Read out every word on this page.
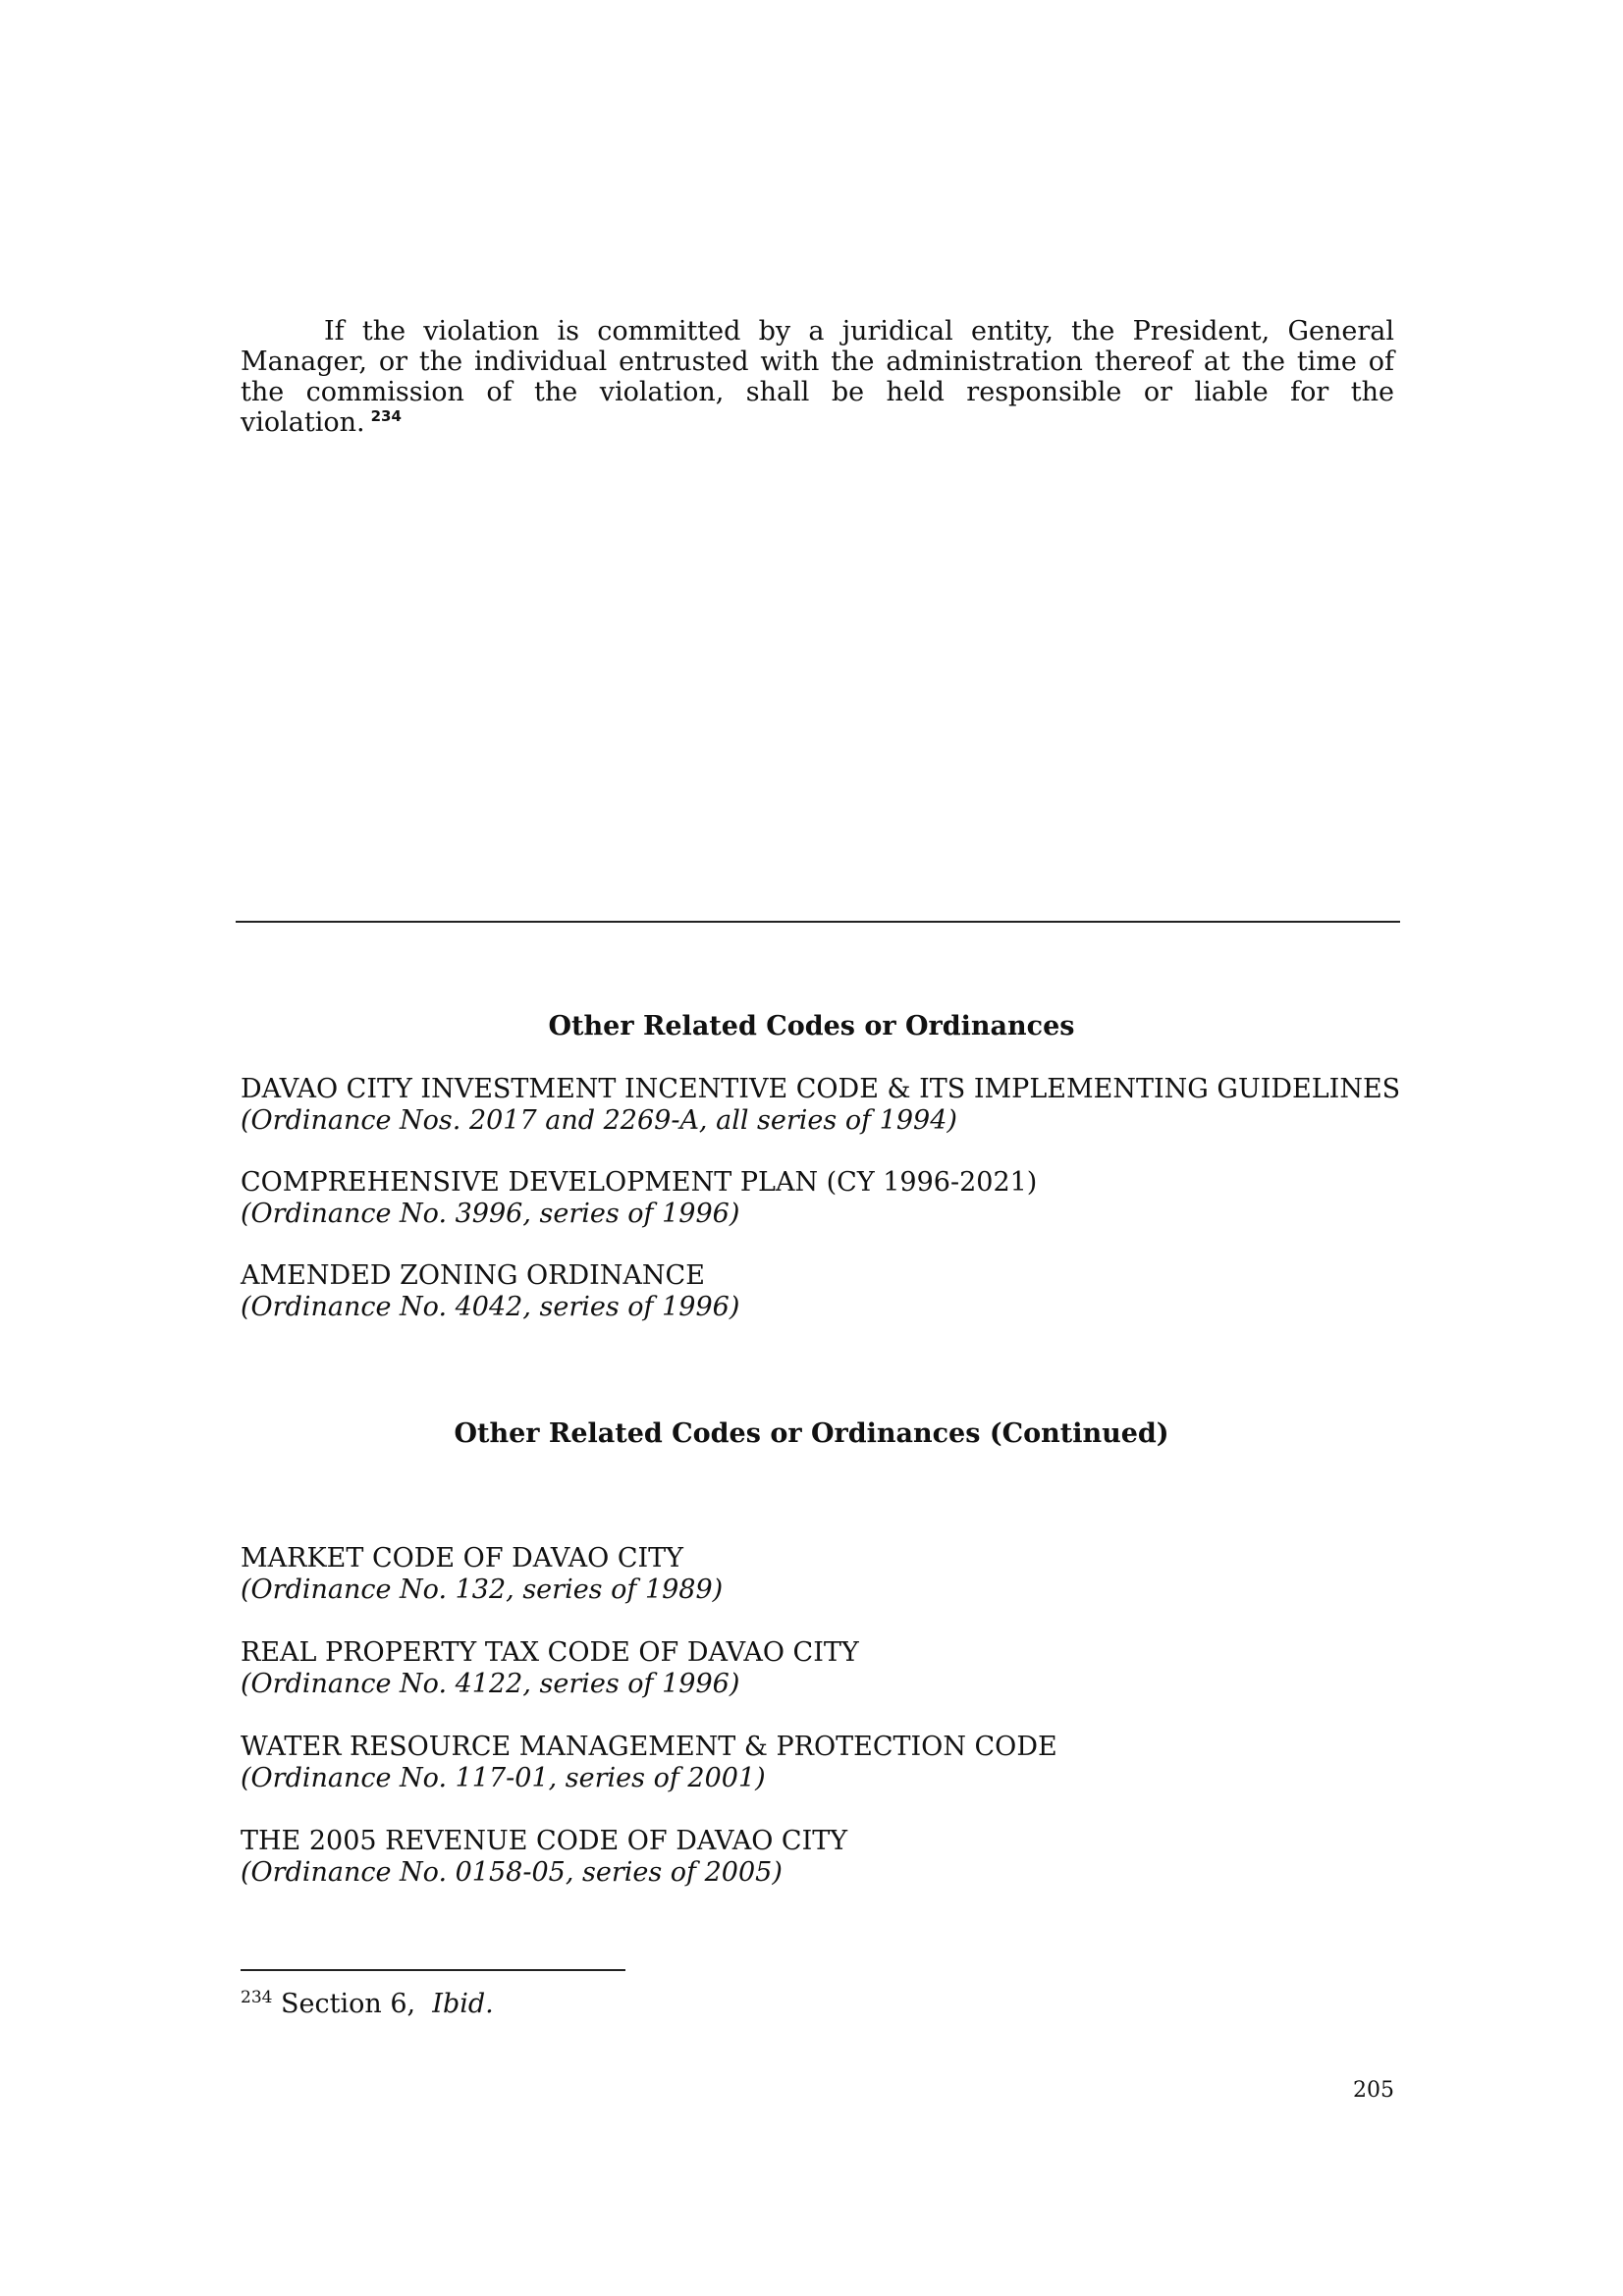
If the violation is committed by a juridical entity, the President, General Manager, or the individual entrusted with the administration thereof at the time of the commission of the violation, shall be held responsible or liable for the violation. $^{234}$

Other Related Codes or Ordinances

DAVAO CITY INVESTMENT INCENTIVE CODE & ITS IMPLEMENTING GUIDELINES
(Ordinance Nos. 2017 and 2269-A, all series of 1994)

COMPREHENSIVE DEVELOPMENT PLAN (CY 1996-2021)
(Ordinance No. 3996, series of 1996)

AMENDED ZONING ORDINANCE
(Ordinance No. 4042, series of 1996)

Other Related Codes or Ordinances (Continued)

MARKET CODE OF DAVAO CITY
(Ordinance No. 132, series of 1989)

REAL PROPERTY TAX CODE OF DAVAO CITY
(Ordinance No. 4122, series of 1996)

WATER RESOURCE MANAGEMENT & PROTECTION CODE
(Ordinance No. 117-01, series of 2001)

THE 2005 REVENUE CODE OF DAVAO CITY
(Ordinance No. 0158-05, series of 2005)

$^{234}$ Section 6, Ibid.

205
